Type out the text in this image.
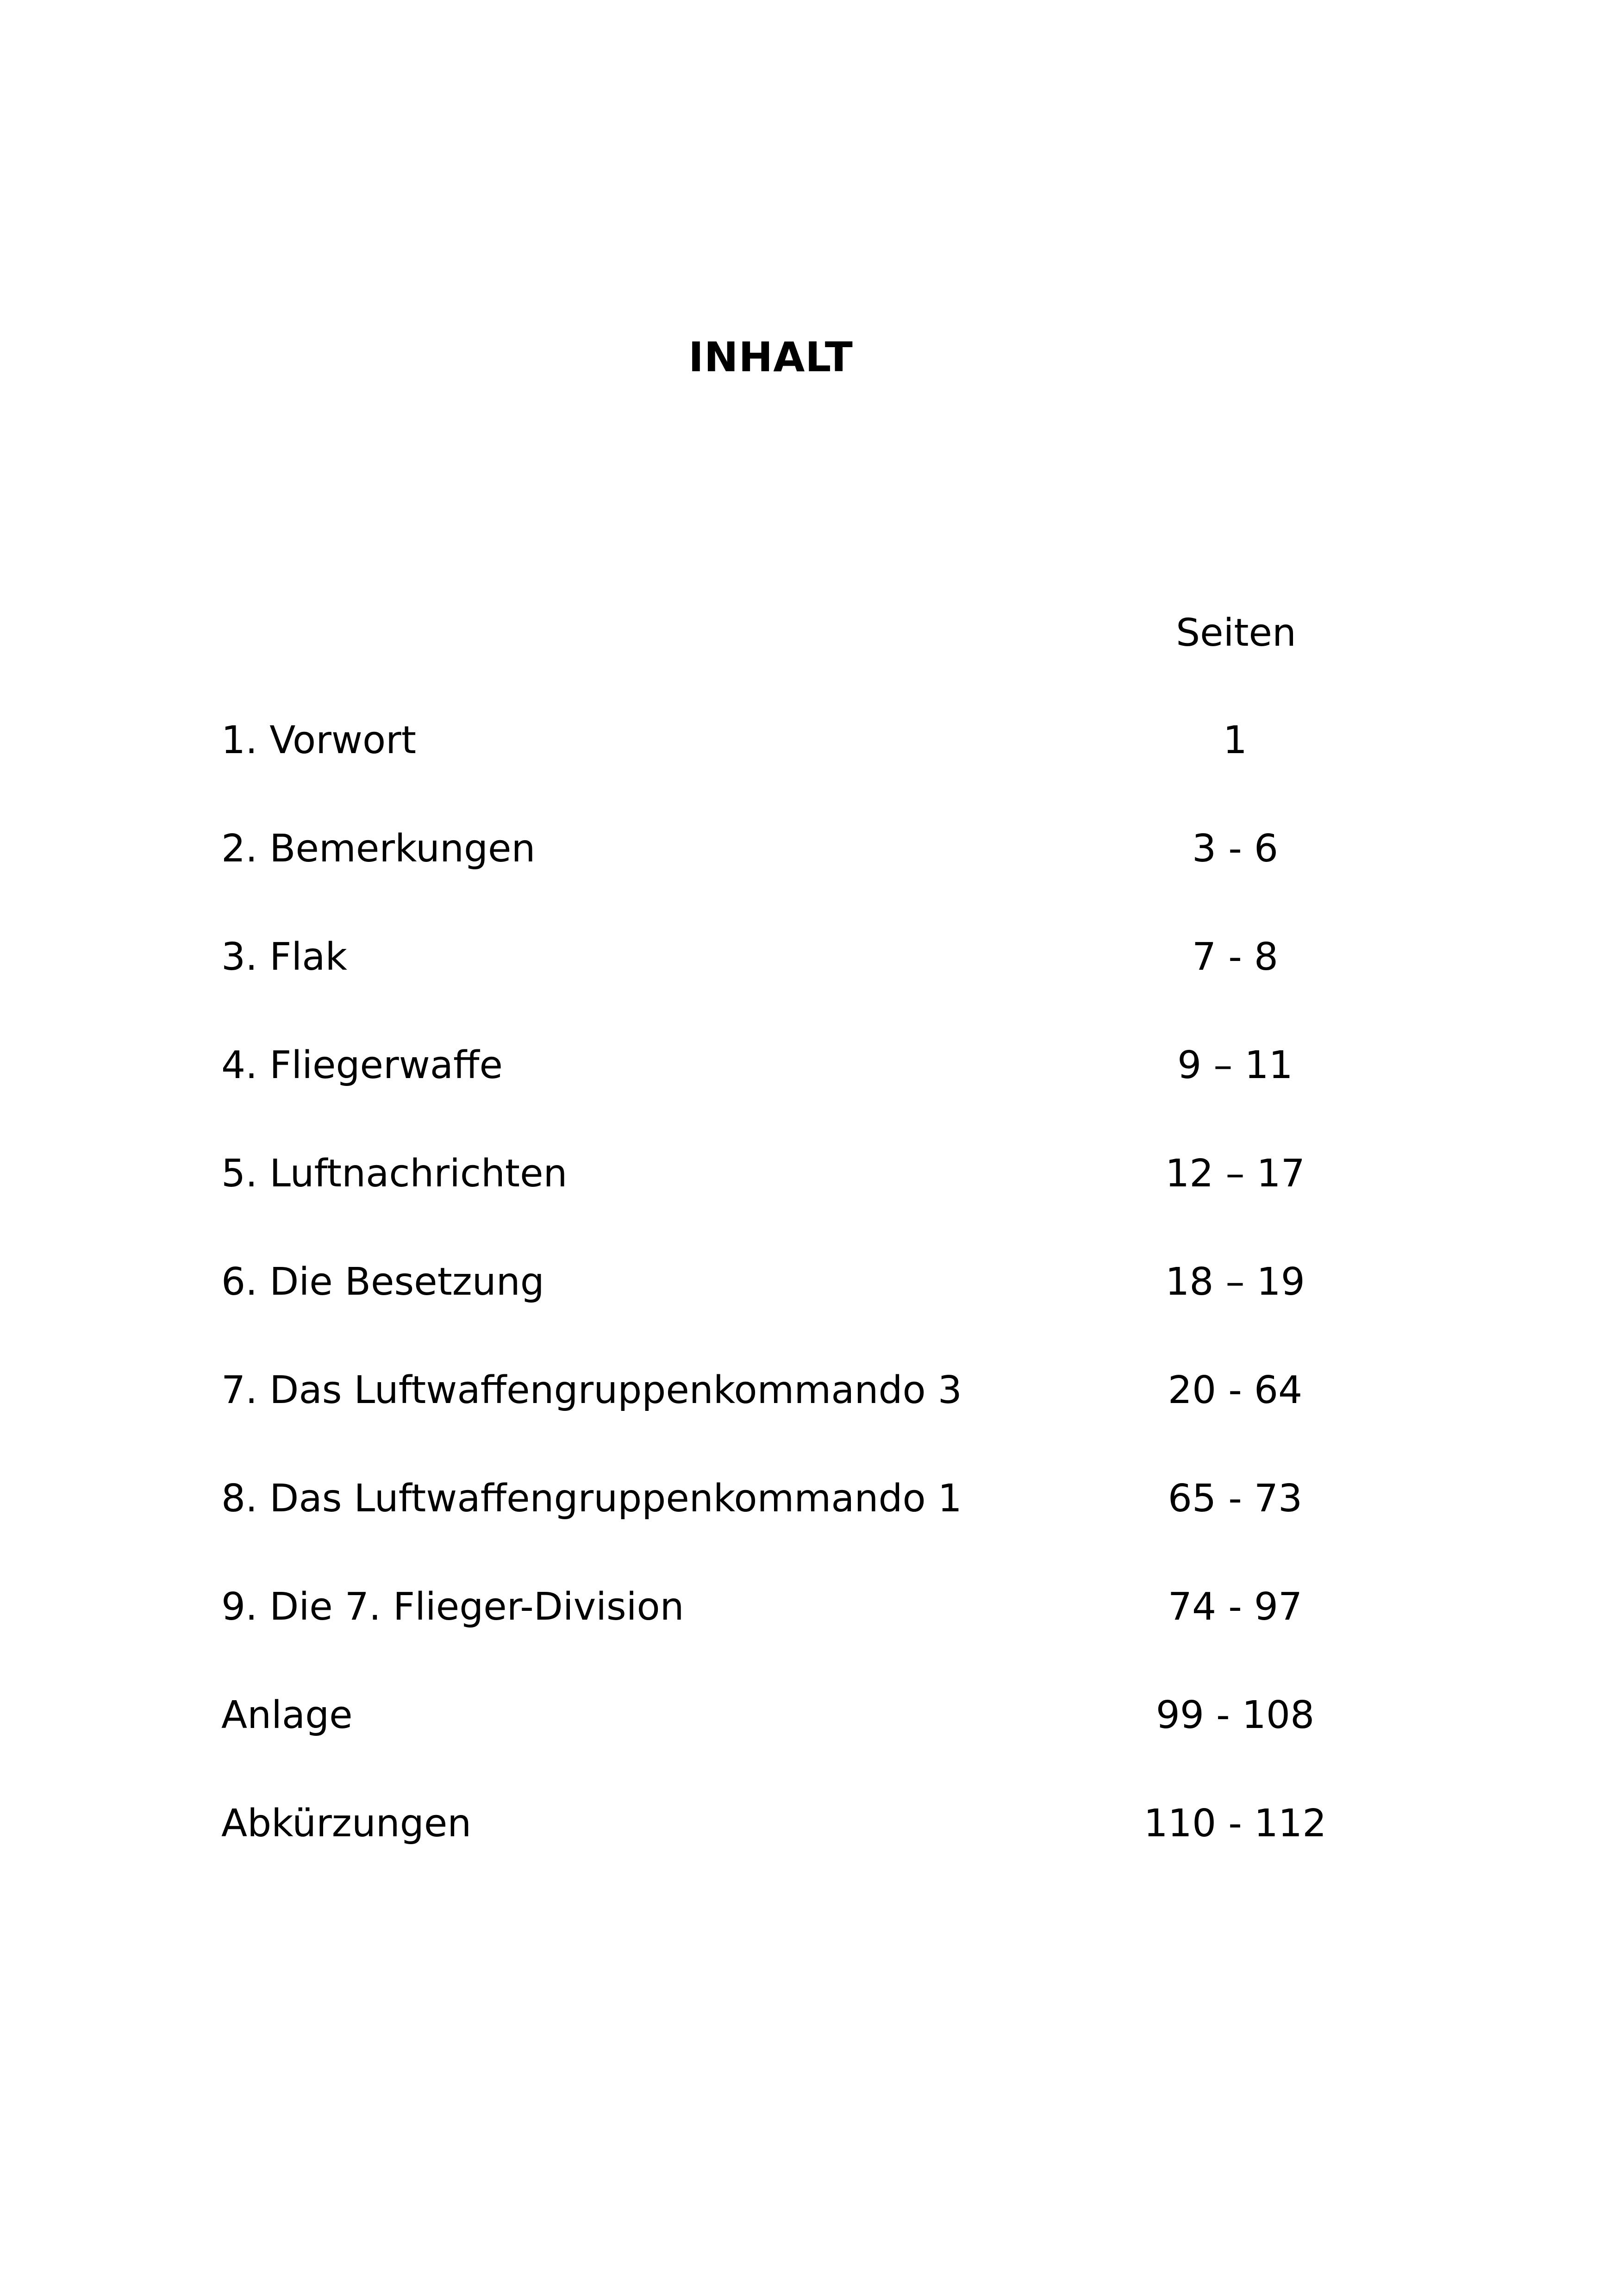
INHALT
Seiten
1. Vorwort	1
2. Bemerkungen	3 - 6
3. Flak	7 - 8
4. Fliegerwaffe	9 – 11
5. Luftnachrichten	12 – 17
6. Die Besetzung	18 – 19
7. Das Luftwaffengruppenkommando 3	20 - 64
8. Das Luftwaffengruppenkommando 1	65 - 73
9. Die 7. Flieger-Division	74 - 97
Anlage	99 - 108
Abkürzungen	110 - 112
